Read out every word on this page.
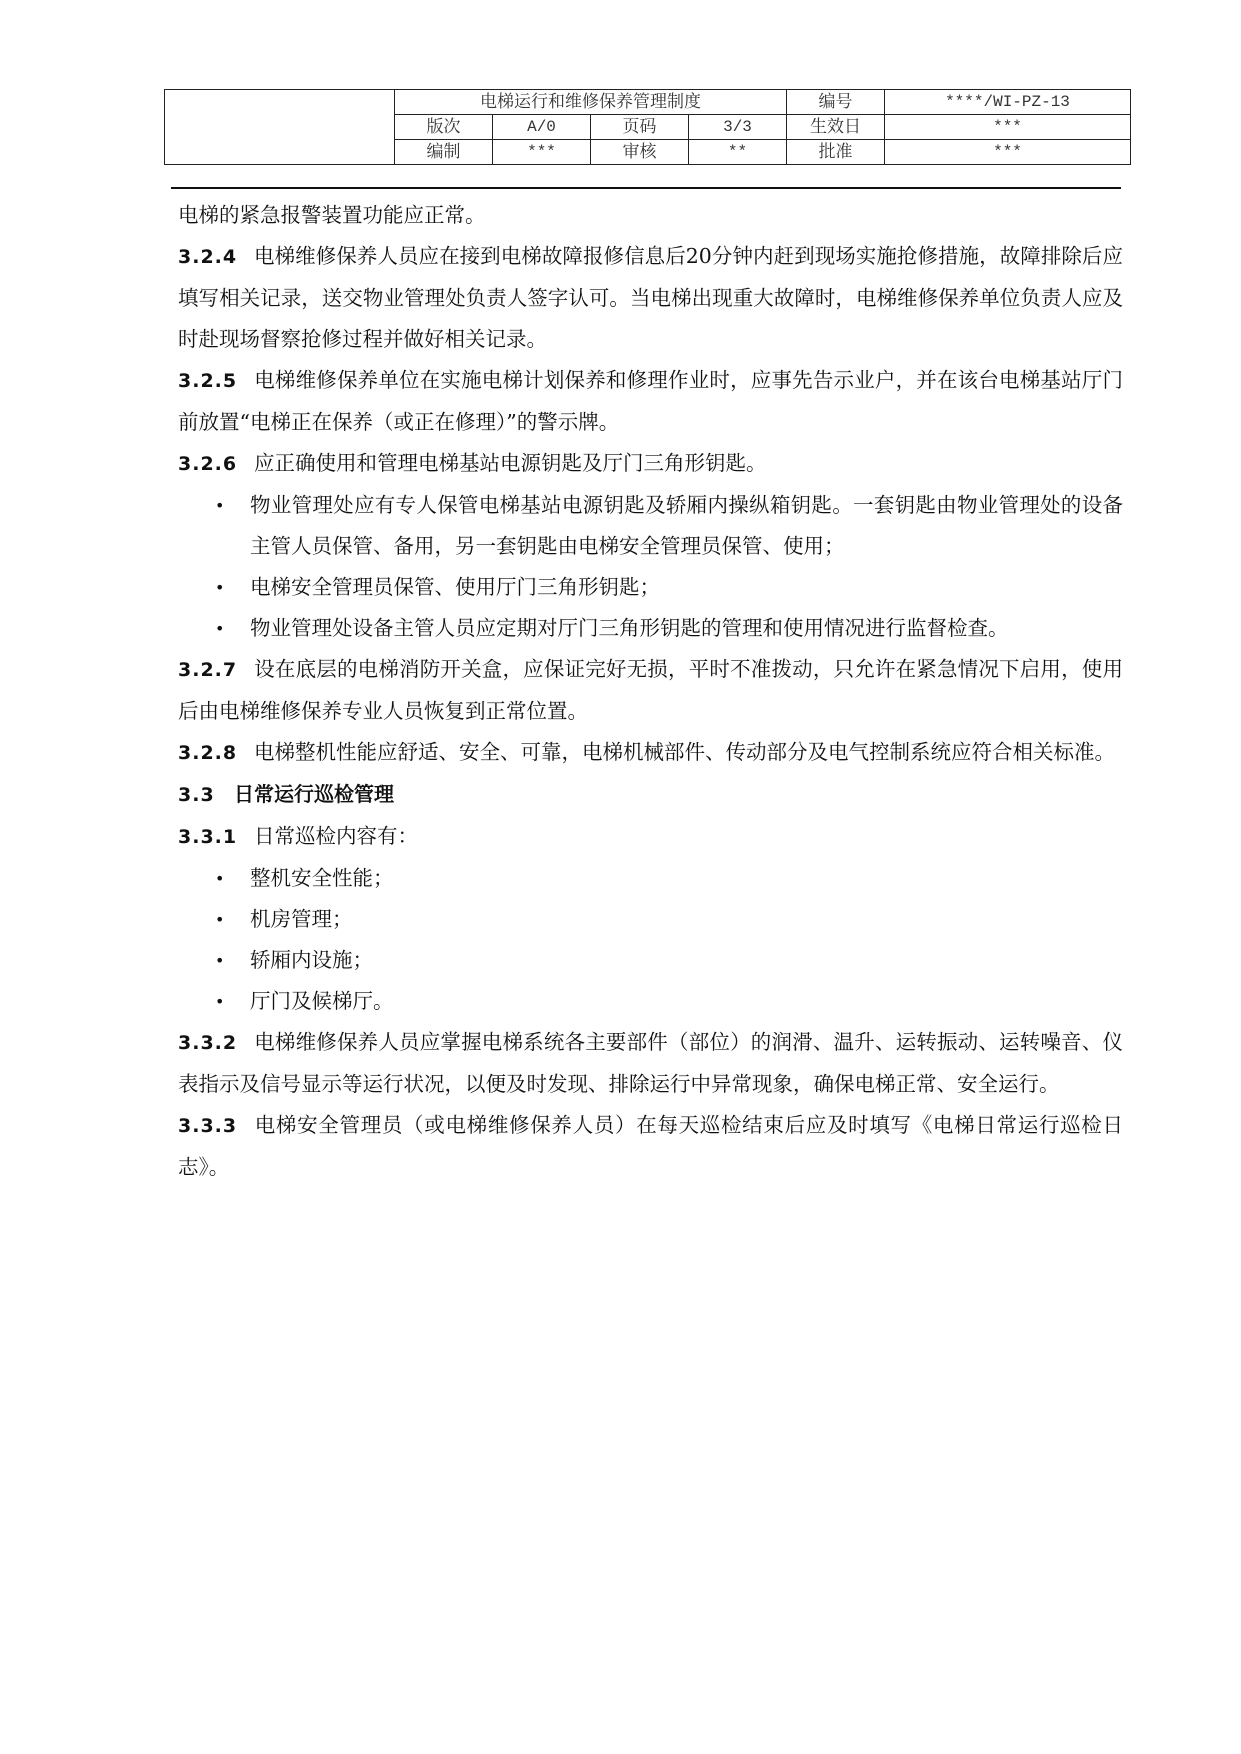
	电梯运行和维修保养管理制度				编号	****/WI-PZ-13
	版次	A/0	页码	3/3	生效日	***
	编制	***	审核	**	批准	***

电梯的紧急报警装置功能应正常。

3.2.4 电梯维修保养人员应在接到电梯故障报修信息后20分钟内赶到现场实施抢修措施，故障排除后应填写相关记录，送交物业管理处负责人签字认可。当电梯出现重大故障时，电梯维修保养单位负责人应及时赴现场督察抢修过程并做好相关记录。

3.2.5 电梯维修保养单位在实施电梯计划保养和修理作业时，应事先告示业户，并在该台电梯基站厅门前放置“电梯正在保养（或正在修理）”的警示牌。

3.2.6 应正确使用和管理电梯基站电源钥匙及厅门三角形钥匙。

• 物业管理处应有专人保管电梯基站电源钥匙及轿厢内操纵箱钥匙。一套钥匙由物业管理处的设备主管人员保管、备用，另一套钥匙由电梯安全管理员保管、使用；

• 电梯安全管理员保管、使用厅门三角形钥匙；

• 物业管理处设备主管人员应定期对厅门三角形钥匙的管理和使用情况进行监督检查。

3.2.7 设在底层的电梯消防开关盒，应保证完好无损，平时不准拨动，只允许在紧急情况下启用，使用后由电梯维修保养专业人员恢复到正常位置。

3.2.8 电梯整机性能应舒适、安全、可靠，电梯机械部件、传动部分及电气控制系统应符合相关标准。

3.3 日常运行巡检管理

3.3.1 日常巡检内容有：

• 整机安全性能；

• 机房管理；

• 轿厢内设施；

• 厅门及候梯厅。

3.3.2 电梯维修保养人员应掌握电梯系统各主要部件（部位）的润滑、温升、运转振动、运转噪音、仪表指示及信号显示等运行状况，以便及时发现、排除运行中异常现象，确保电梯正常、安全运行。

3.3.3 电梯安全管理员（或电梯维修保养人员）在每天巡检结束后应及时填写《电梯日常运行巡检日志》。
